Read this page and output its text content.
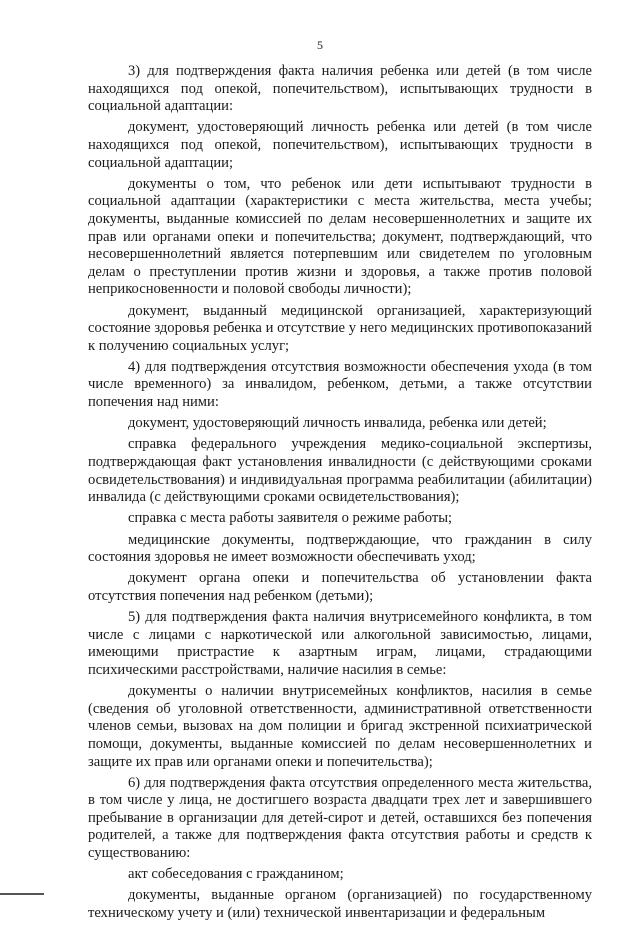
5

3) для подтверждения факта наличия ребенка или детей (в том числе находящихся под опекой, попечительством), испытывающих трудности в социальной адаптации:

документ, удостоверяющий личность ребенка или детей (в том числе находящихся под опекой, попечительством), испытывающих трудности в социальной адаптации;

документы о том, что ребенок или дети испытывают трудности в социальной адаптации (характеристики с места жительства, места учебы; документы, выданные комиссией по делам несовершеннолетних и защите их прав или органами опеки и попечительства; документ, подтверждающий, что несовершеннолетний является потерпевшим или свидетелем по уголовным делам о преступлении против жизни и здоровья, а также против половой неприкосновенности и половой свободы личности);

документ, выданный медицинской организацией, характеризующий состояние здоровья ребенка и отсутствие у него медицинских противопоказаний к получению социальных услуг;

4) для подтверждения отсутствия возможности обеспечения ухода (в том числе временного) за инвалидом, ребенком, детьми, а также отсутствии попечения над ними:

документ, удостоверяющий личность инвалида, ребенка или детей;

справка федерального учреждения медико-социальной экспертизы, подтверждающая факт установления инвалидности (с действующими сроками освидетельствования) и индивидуальная программа реабилитации (абилитации) инвалида (с действующими сроками освидетельствования);

справка с места работы заявителя о режиме работы;

медицинские документы, подтверждающие, что гражданин в силу состояния здоровья не имеет возможности обеспечивать уход;

документ органа опеки и попечительства об установлении факта отсутствия попечения над ребенком (детьми);

5) для подтверждения факта наличия внутрисемейного конфликта, в том числе с лицами с наркотической или алкогольной зависимостью, лицами, имеющими пристрастие к азартным играм, лицами, страдающими психическими расстройствами, наличие насилия в семье:

документы о наличии внутрисемейных конфликтов, насилия в семье (сведения об уголовной ответственности, административной ответственности членов семьи, вызовах на дом полиции и бригад экстренной психиатрической помощи, документы, выданные комиссией по делам несовершеннолетних и защите их прав или органами опеки и попечительства);

6) для подтверждения факта отсутствия определенного места жительства, в том числе у лица, не достигшего возраста двадцати трех лет и завершившего пребывание в организации для детей-сирот и детей, оставшихся без попечения родителей, а также для подтверждения факта отсутствия работы и средств к существованию:

акт собеседования с гражданином;

документы, выданные органом (организацией) по государственному техническому учету и (или) технической инвентаризации и федеральным
